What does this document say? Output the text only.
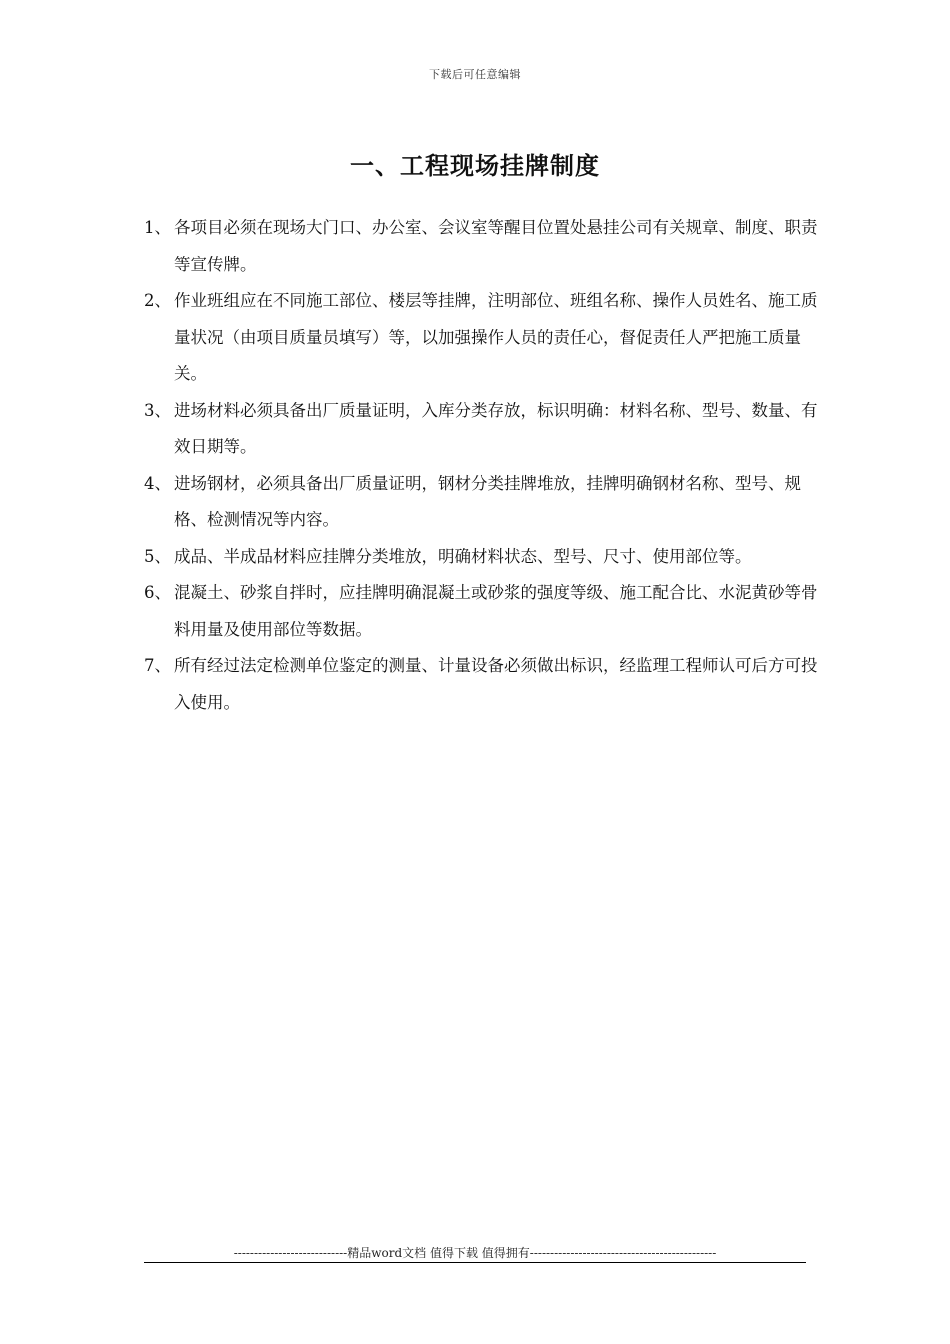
下载后可任意编辑
一、工程现场挂牌制度
1、 各项目必须在现场大门口、办公室、会议室等醒目位置处悬挂公司有关规章、制度、职责等宣传牌。
2、 作业班组应在不同施工部位、楼层等挂牌，注明部位、班组名称、操作人员姓名、施工质量状况（由项目质量员填写）等，以加强操作人员的责任心，督促责任人严把施工质量关。
3、 进场材料必须具备出厂质量证明，入库分类存放，标识明确：材料名称、型号、数量、有效日期等。
4、 进场钢材，必须具备出厂质量证明，钢材分类挂牌堆放，挂牌明确钢材名称、型号、规格、检测情况等内容。
5、 成品、半成品材料应挂牌分类堆放，明确材料状态、型号、尺寸、使用部位等。
6、 混凝土、砂浆自拌时，应挂牌明确混凝土或砂浆的强度等级、施工配合比、水泥黄砂等骨料用量及使用部位等数据。
7、 所有经过法定检测单位鉴定的测量、计量设备必须做出标识，经监理工程师认可后方可投入使用。
----------------------------精品word文档 值得下载 值得拥有----------------------------------------------
